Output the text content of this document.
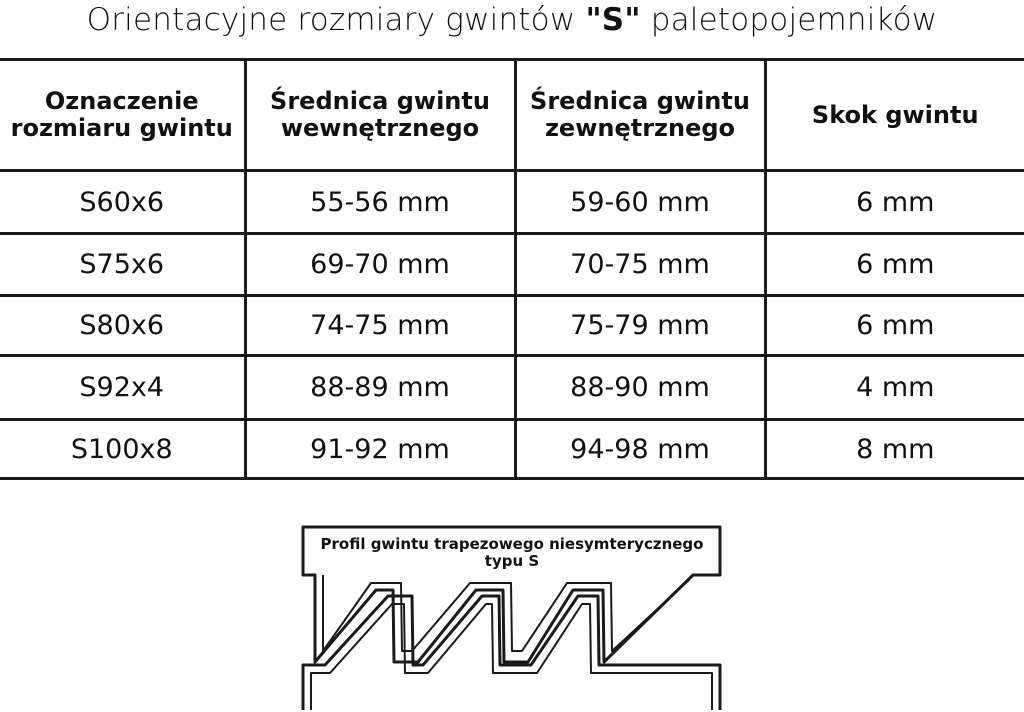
Orientacyjne rozmiary gwintów "S" paletopojemników
Oznaczenie rozmiaru gwintu	Średnica gwintu wewnętrznego	Średnica gwintu zewnętrznego	Skok gwintu
S60x6	55-56 mm	59-60 mm	6 mm
S75x6	69-70 mm	70-75 mm	6 mm
S80x6	74-75 mm	75-79 mm	6 mm
S92x4	88-89 mm	88-90 mm	4 mm
S100x8	91-92 mm	94-98 mm	8 mm
Profil gwintu trapezowego niesymterycznego typu S
